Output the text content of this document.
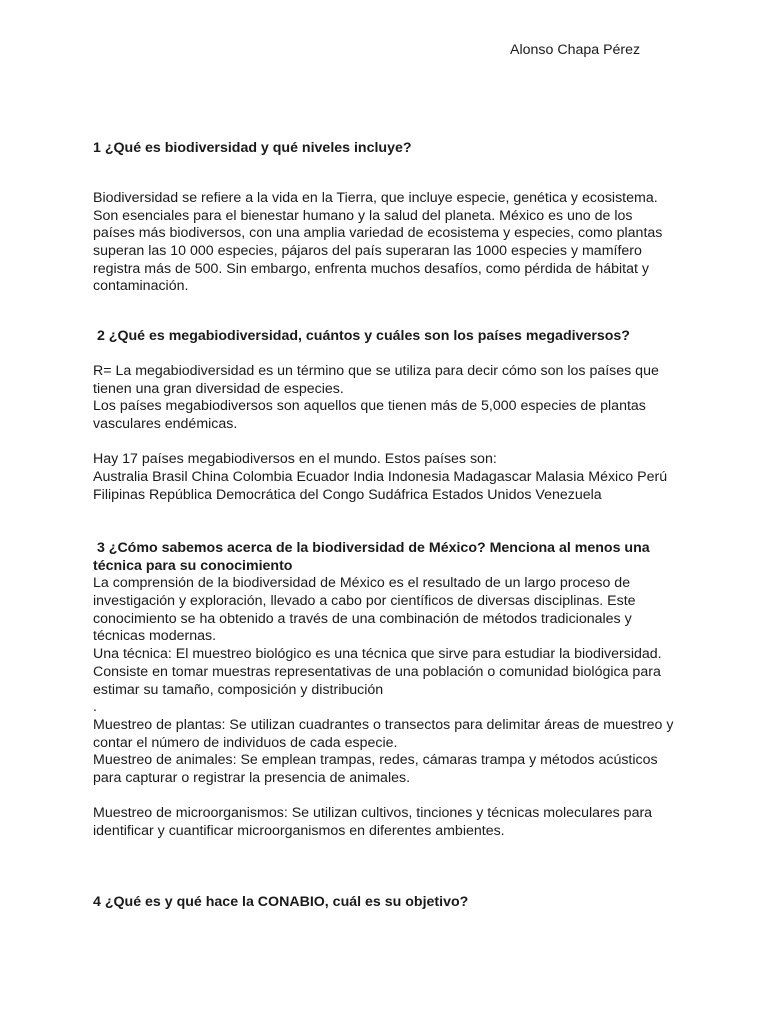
Alonso Chapa Pérez
1 ¿Qué es biodiversidad y qué niveles incluye?
Biodiversidad se refiere a la vida en la Tierra, que incluye especie, genética y ecosistema.
Son esenciales para el bienestar humano y la salud del planeta. México es uno de los
países más biodiversos, con una amplia variedad de ecosistema y especies, como plantas
superan las 10 000 especies, pájaros del país superaran las 1000 especies y mamífero
registra más de 500. Sin embargo, enfrenta muchos desafíos, como pérdida de hábitat y
contaminación.
2 ¿Qué es megabiodiversidad, cuántos y cuáles son los países megadiversos?
R= La megabiodiversidad es un término que se utiliza para decir cómo son los países que
tienen una gran diversidad de especies.
Los países megabiodiversos son aquellos que tienen más de 5,000 especies de plantas
vasculares endémicas.
Hay 17 países megabiodiversos en el mundo. Estos países son:
Australia Brasil China Colombia Ecuador India Indonesia Madagascar Malasia México Perú
Filipinas República Democrática del Congo Sudáfrica Estados Unidos Venezuela
3 ¿Cómo sabemos acerca de la biodiversidad de México? Menciona al menos una
técnica para su conocimiento
La comprensión de la biodiversidad de México es el resultado de un largo proceso de
investigación y exploración, llevado a cabo por científicos de diversas disciplinas. Este
conocimiento se ha obtenido a través de una combinación de métodos tradicionales y
técnicas modernas.
Una técnica: El muestreo biológico es una técnica que sirve para estudiar la biodiversidad.
Consiste en tomar muestras representativas de una población o comunidad biológica para
estimar su tamaño, composición y distribución
.
Muestreo de plantas: Se utilizan cuadrantes o transectos para delimitar áreas de muestreo y
contar el número de individuos de cada especie.
Muestreo de animales: Se emplean trampas, redes, cámaras trampa y métodos acústicos
para capturar o registrar la presencia de animales.
Muestreo de microorganismos: Se utilizan cultivos, tinciones y técnicas moleculares para
identificar y cuantificar microorganismos en diferentes ambientes.
4 ¿Qué es y qué hace la CONABIO, cuál es su objetivo?
